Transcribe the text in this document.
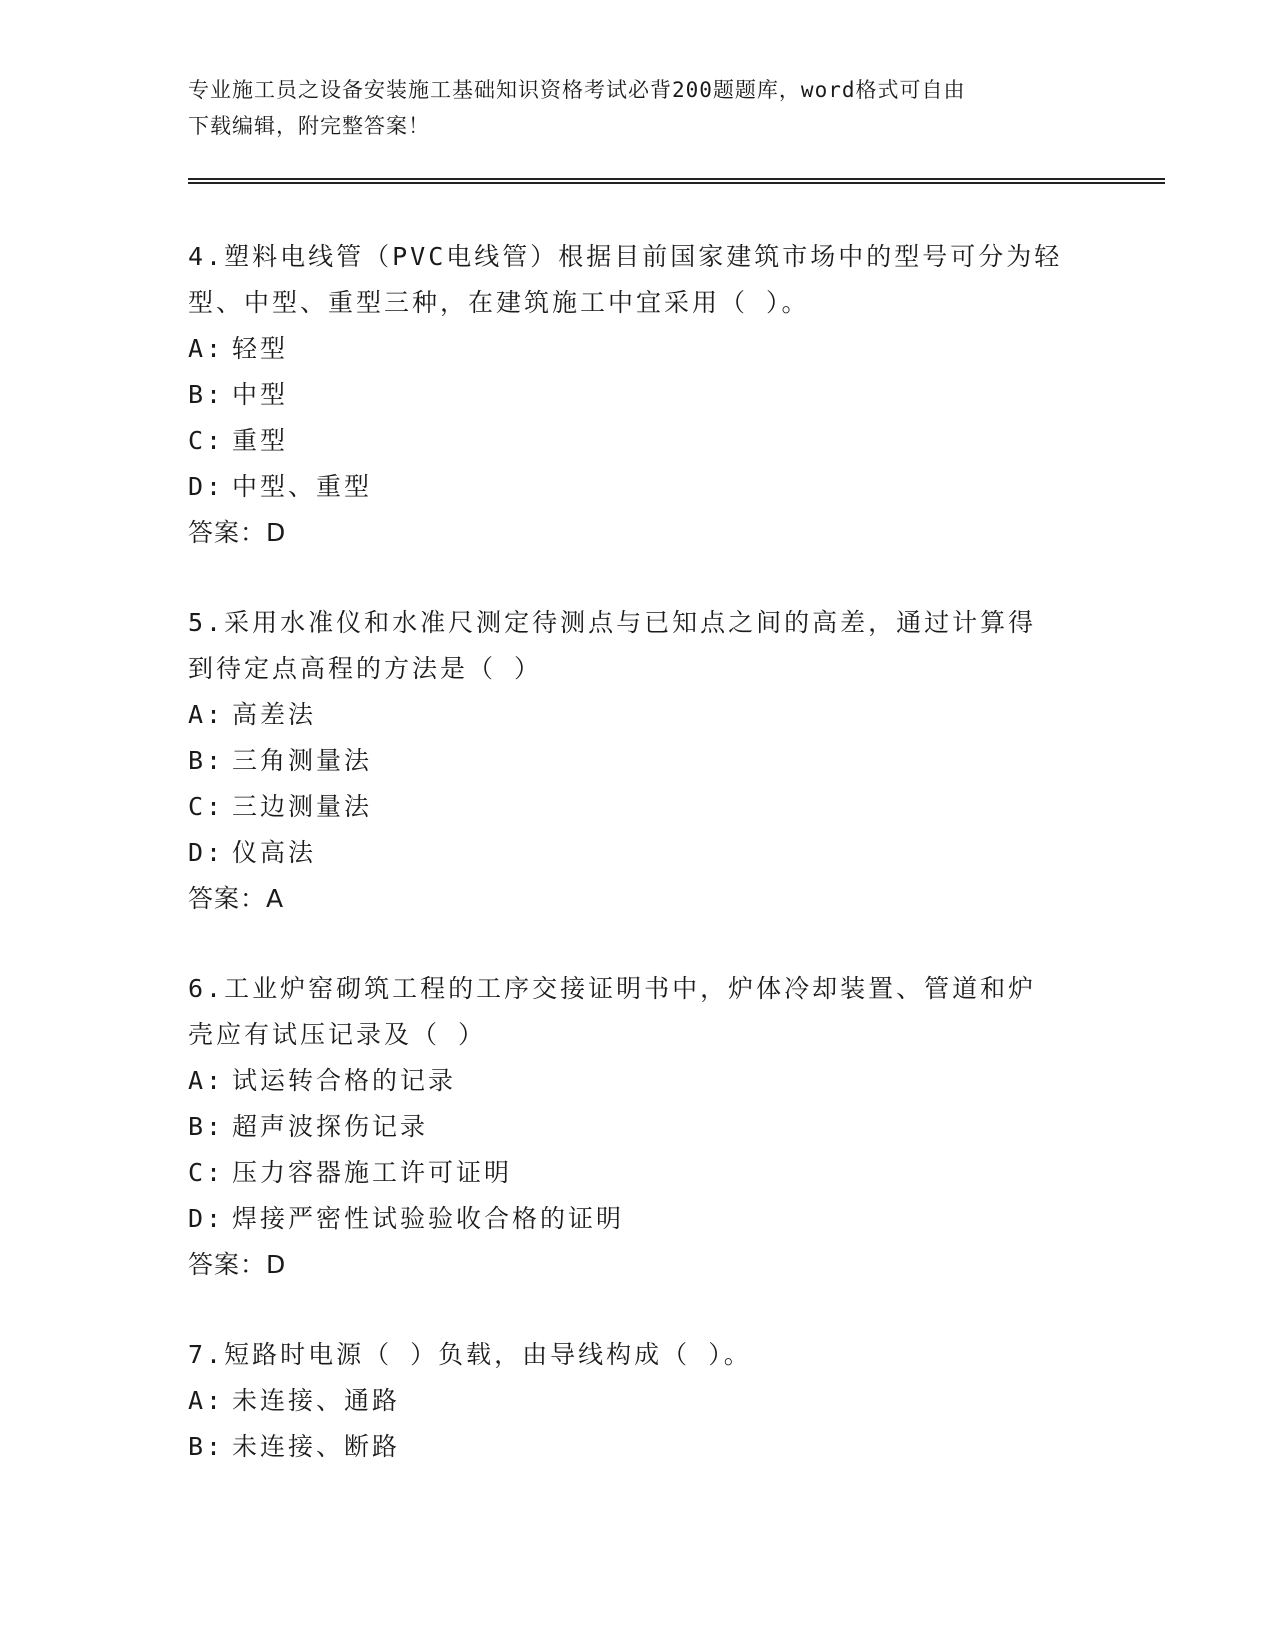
专业施工员之设备安装施工基础知识资格考试必背200题题库，word格式可自由
下载编辑，附完整答案！

4.塑料电线管（PVC电线管）根据目前国家建筑市场中的型号可分为轻

型、中型、重型三种，在建筑施工中宜采用（ ）。

A: 轻型

B: 中型

C: 重型

D: 中型、重型

答案：D

5.采用水准仪和水准尺测定待测点与已知点之间的高差，通过计算得

到待定点高程的方法是（ ）

A: 高差法

B: 三角测量法

C: 三边测量法

D: 仪高法

答案：A

6.工业炉窑砌筑工程的工序交接证明书中，炉体冷却装置、管道和炉

壳应有试压记录及（ ）

A: 试运转合格的记录

B: 超声波探伤记录

C: 压力容器施工许可证明

D: 焊接严密性试验验收合格的证明

答案：D

7.短路时电源（ ）负载，由导线构成（ ）。

A: 未连接、通路

B: 未连接、断路
